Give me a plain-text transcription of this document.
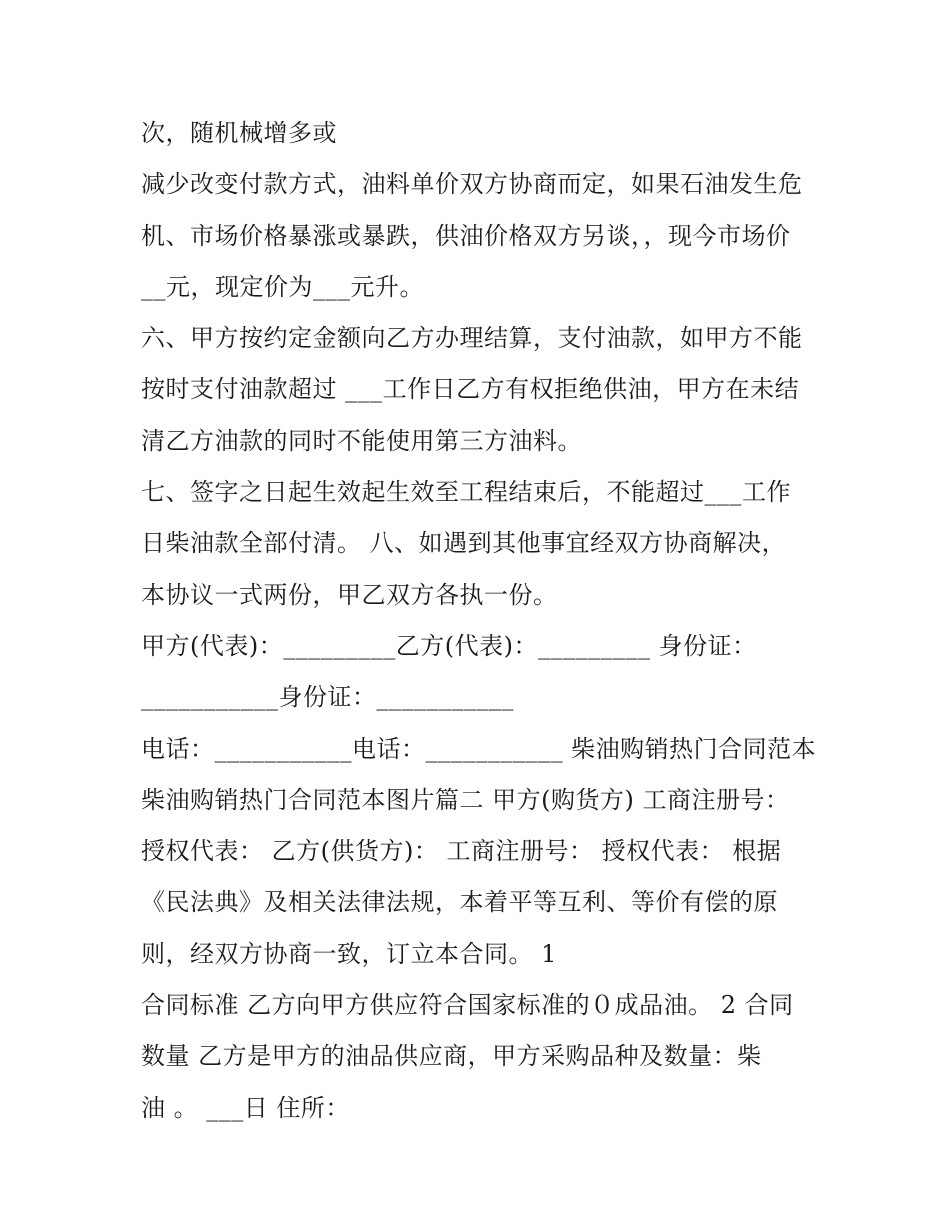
次，随机械增多或
减少改变付款方式，油料单价双方协商而定，如果石油发生危
机、市场价格暴涨或暴跌，供油价格双方另谈，，现今市场价
__元，现定价为___元升。
六、甲方按约定金额向乙方办理结算，支付油款，如甲方不能
按时支付油款超过 ___工作日乙方有权拒绝供油，甲方在未结
清乙方油款的同时不能使用第三方油料。
七、签字之日起生效起生效至工程结束后，不能超过___工作
日柴油款全部付清。 八、如遇到其他事宜经双方协商解决，
本协议一式两份，甲乙双方各执一份。
甲方(代表)：_________乙方(代表)：_________ 身份证：
___________身份证：___________
电话：___________电话：___________ 柴油购销热门合同范本
柴油购销热门合同范本图片篇二 甲方(购货方) 工商注册号：
授权代表： 乙方(供货方)： 工商注册号： 授权代表： 根据
《民法典》及相关法律法规，本着平等互利、等价有偿的原
则，经双方协商一致，订立本合同。 1
合同标准 乙方向甲方供应符合国家标准的０成品油。 2 合同
数量 乙方是甲方的油品供应商，甲方采购品种及数量：柴
油 。 ___日 住所：
